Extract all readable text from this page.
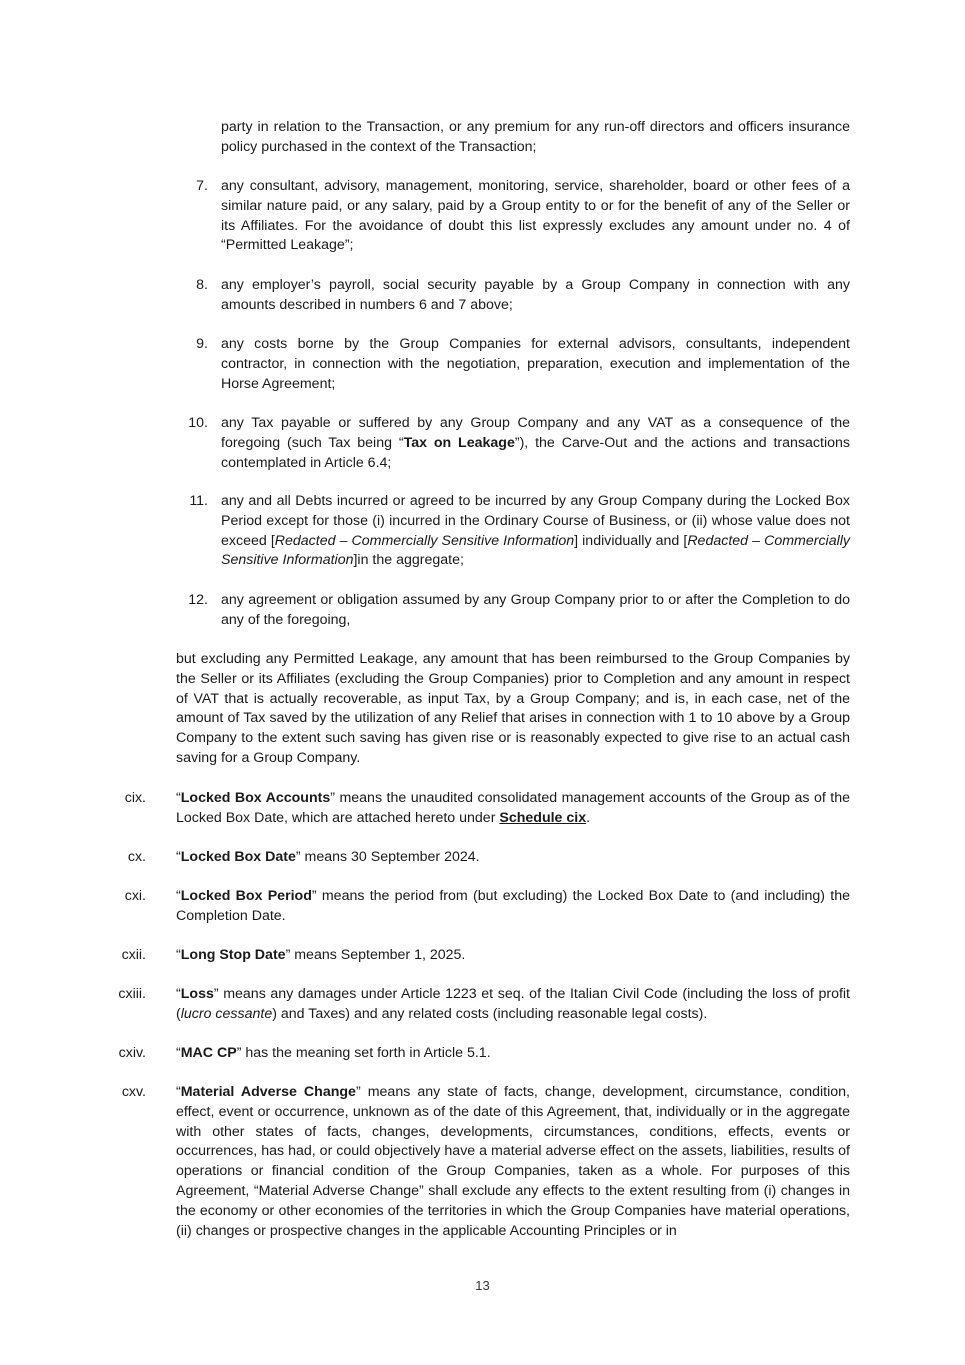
party in relation to the Transaction, or any premium for any run-off directors and officers insurance policy purchased in the context of the Transaction;
7. any consultant, advisory, management, monitoring, service, shareholder, board or other fees of a similar nature paid, or any salary, paid by a Group entity to or for the benefit of any of the Seller or its Affiliates. For the avoidance of doubt this list expressly excludes any amount under no. 4 of “Permitted Leakage”;
8. any employer’s payroll, social security payable by a Group Company in connection with any amounts described in numbers 6 and 7 above;
9. any costs borne by the Group Companies for external advisors, consultants, independent contractor, in connection with the negotiation, preparation, execution and implementation of the Horse Agreement;
10. any Tax payable or suffered by any Group Company and any VAT as a consequence of the foregoing (such Tax being “Tax on Leakage”), the Carve-Out and the actions and transactions contemplated in Article 6.4;
11. any and all Debts incurred or agreed to be incurred by any Group Company during the Locked Box Period except for those (i) incurred in the Ordinary Course of Business, or (ii) whose value does not exceed [Redacted – Commercially Sensitive Information] individually and [Redacted – Commercially Sensitive Information]in the aggregate;
12. any agreement or obligation assumed by any Group Company prior to or after the Completion to do any of the foregoing,
but excluding any Permitted Leakage, any amount that has been reimbursed to the Group Companies by the Seller or its Affiliates (excluding the Group Companies) prior to Completion and any amount in respect of VAT that is actually recoverable, as input Tax, by a Group Company; and is, in each case, net of the amount of Tax saved by the utilization of any Relief that arises in connection with 1 to 10 above by a Group Company to the extent such saving has given rise or is reasonably expected to give rise to an actual cash saving for a Group Company.
cix. “Locked Box Accounts” means the unaudited consolidated management accounts of the Group as of the Locked Box Date, which are attached hereto under Schedule cix.
cx. “Locked Box Date” means 30 September 2024.
cxi. “Locked Box Period” means the period from (but excluding) the Locked Box Date to (and including) the Completion Date.
cxii. “Long Stop Date” means September 1, 2025.
cxiii. “Loss” means any damages under Article 1223 et seq. of the Italian Civil Code (including the loss of profit (lucro cessante) and Taxes) and any related costs (including reasonable legal costs).
cxiv. “MAC CP” has the meaning set forth in Article 5.1.
cxv. “Material Adverse Change” means any state of facts, change, development, circumstance, condition, effect, event or occurrence, unknown as of the date of this Agreement, that, individually or in the aggregate with other states of facts, changes, developments, circumstances, conditions, effects, events or occurrences, has had, or could objectively have a material adverse effect on the assets, liabilities, results of operations or financial condition of the Group Companies, taken as a whole. For purposes of this Agreement, “Material Adverse Change” shall exclude any effects to the extent resulting from (i) changes in the economy or other economies of the territories in which the Group Companies have material operations, (ii) changes or prospective changes in the applicable Accounting Principles or in
13
